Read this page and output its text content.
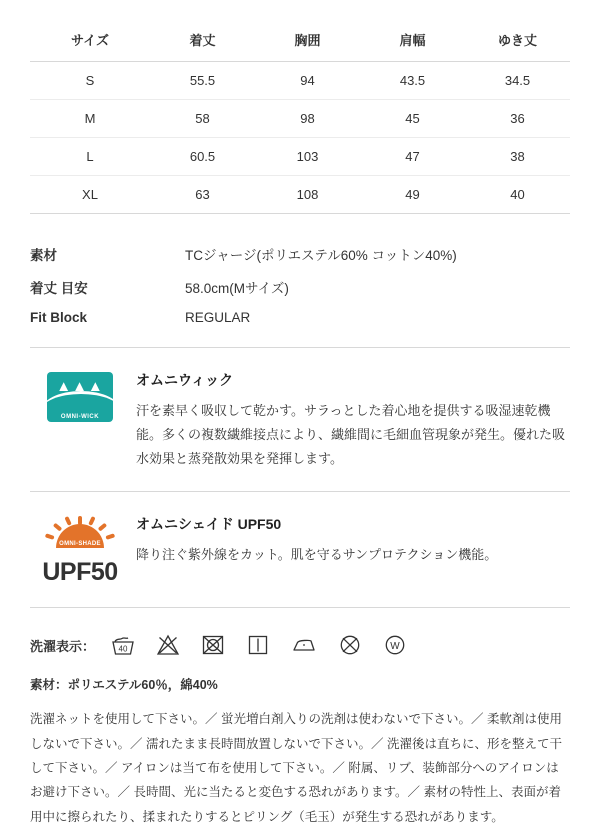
サイズ	着丈	胸囲	肩幅	ゆき丈
S	55.5	94	43.5	34.5
M	58	98	45	36
L	60.5	103	47	38
XL	63	108	49	40
素材	TCジャージ(ポリエステル60% コットン40%)
着丈 目安	58.0cm(Mサイズ)
Fit Block	REGULAR
▲▲▲
OMNI-WICK
オムニウィック
汗を素早く吸収して乾かす。サラっとした着心地を提供する吸湿速乾機能。多くの複数繊維接点により、繊維間に毛細血管現象が発生。優れた吸水効果と蒸発散効果を発揮します。
OMNI-SHADE
UPF50
オムニシェイド UPF50
降り注ぐ紫外線をカット。肌を守るサンプロテクション機能。
洗濯表示：	40	W
素材：ポリエステル60％，綿40%
洗濯ネットを使用して下さい。／ 蛍光増白剤入りの洗剤は使わないで下さい。／ 柔軟剤は使用しないで下さい。／ 濡れたまま長時間放置しないで下さい。／ 洗濯後は直ちに、形を整えて干して下さい。／ アイロンは当て布を使用して下さい。／ 附属、リブ、装飾部分へのアイロンはお避け下さい。／ 長時間、光に当たると変色する恐れがあります。／ 素材の特性上、表面が着用中に擦られたり、揉まれたりするとピリング（毛玉）が発生する恐れがあります。
